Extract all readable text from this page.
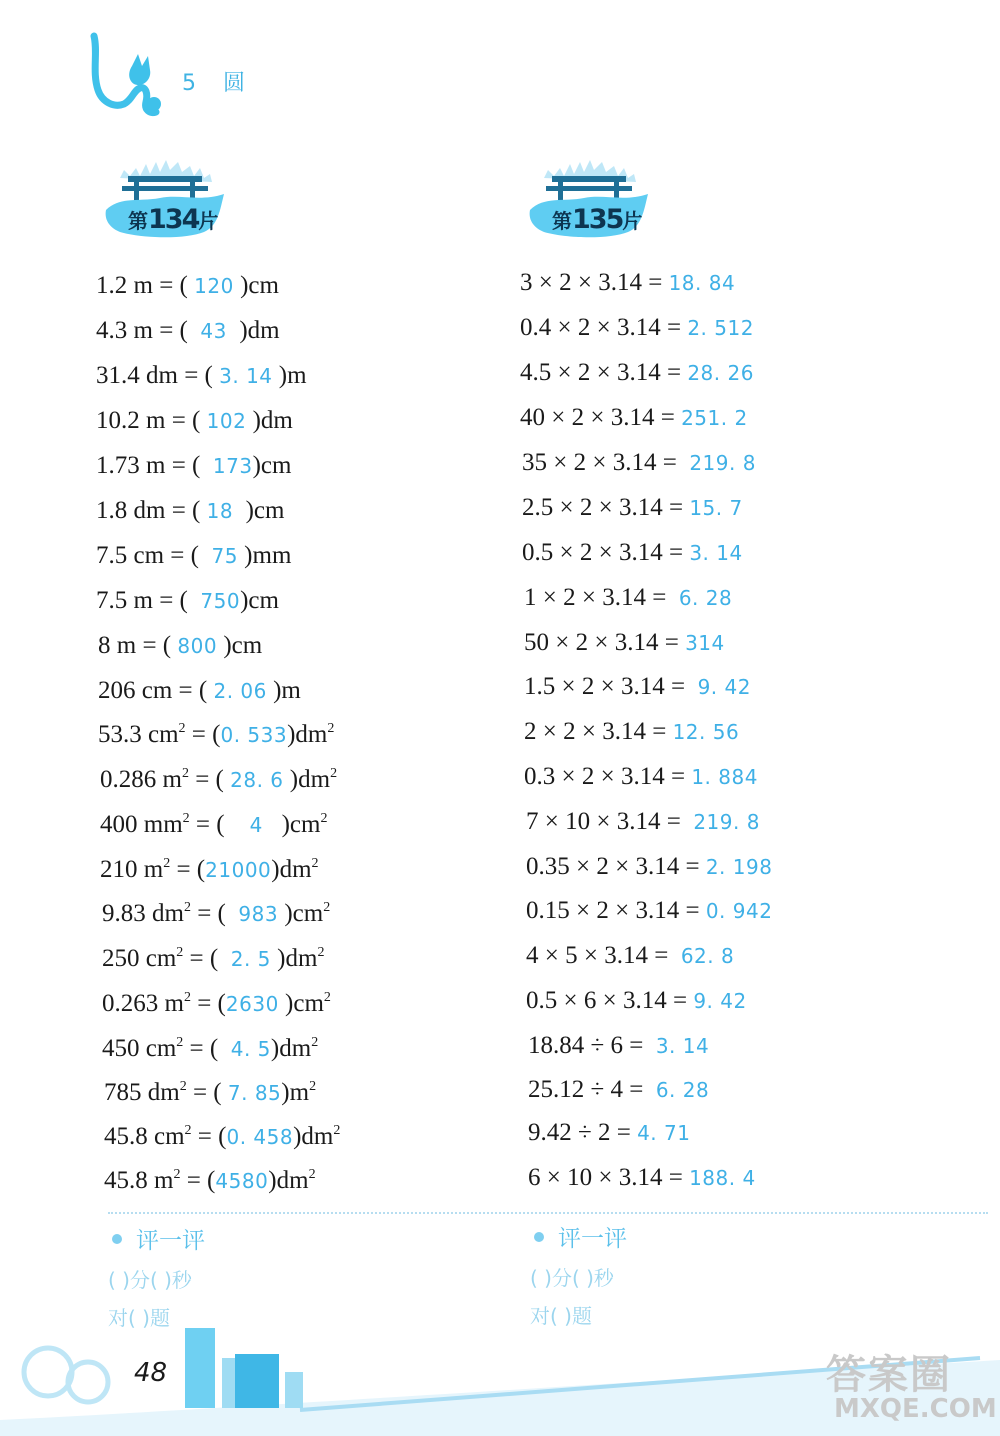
5 圆
第134片	第135片
1.2 m = ( 120 )cm
4.3 m = ( 43 )dm
31.4 dm = ( 3. 14 )m
10.2 m = ( 102 )dm
1.73 m = ( 173)cm
1.8 dm = ( 18 )cm
7.5 cm = ( 75 )mm
7.5 m = ( 750)cm
8 m = ( 800 )cm
206 cm = ( 2. 06 )m
53.3 $cm^2 = (0$. $533)dm^2$
0.286 $m^2$ = ( 28. 6 )$dm^2$
400 $mm^2$ = ( 4 )$cm^2$
210 $m^2 = (21000)dm^2$
9.83 $dm^2$ = ( 983 )$cm^2$
250 $cm^2$ = ( 2. 5 )$dm^2$
0.263 $m^2 = (2630$ )$cm^2$
450 $cm^2$ = ( 4. $5)dm^2$
785 $dm^2$ = ( 7. $85)m^2$
45.8 $cm^2 = (0$. $458)dm^2$
45.8 $m^2 = (4580)dm^2$
3 × 2 × 3.14 = 18. 84
0.4 × 2 × 3.14 = 2. 512
4.5 × 2 × 3.14 = 28. 26
40 × 2 × 3.14 = 251. 2
35 × 2 × 3.14 = 219. 8
2.5 × 2 × 3.14 = 15. 7
0.5 × 2 × 3.14 = 3. 14
1 × 2 × 3.14 = 6. 28
50 × 2 × 3.14 = 314
1.5 × 2 × 3.14 = 9. 42
2 × 2 × 3.14 = 12. 56
0.3 × 2 × 3.14 = 1. 884
7 × 10 × 3.14 = 219. 8
0.35 × 2 × 3.14 = 2. 198
0.15 × 2 × 3.14 = 0. 942
4 × 5 × 3.14 = 62. 8
0.5 × 6 × 3.14 = 9. 42
18.84 ÷ 6 = 3. 14
25.12 ÷ 4 = 6. 28
9.42 ÷ 2 = 4. 71
6 × 10 × 3.14 = 188. 4
评一评
( )分( )秒
对( )题
评一评
( )分( )秒
对( )题
48	答案圈
MXQE.COM
